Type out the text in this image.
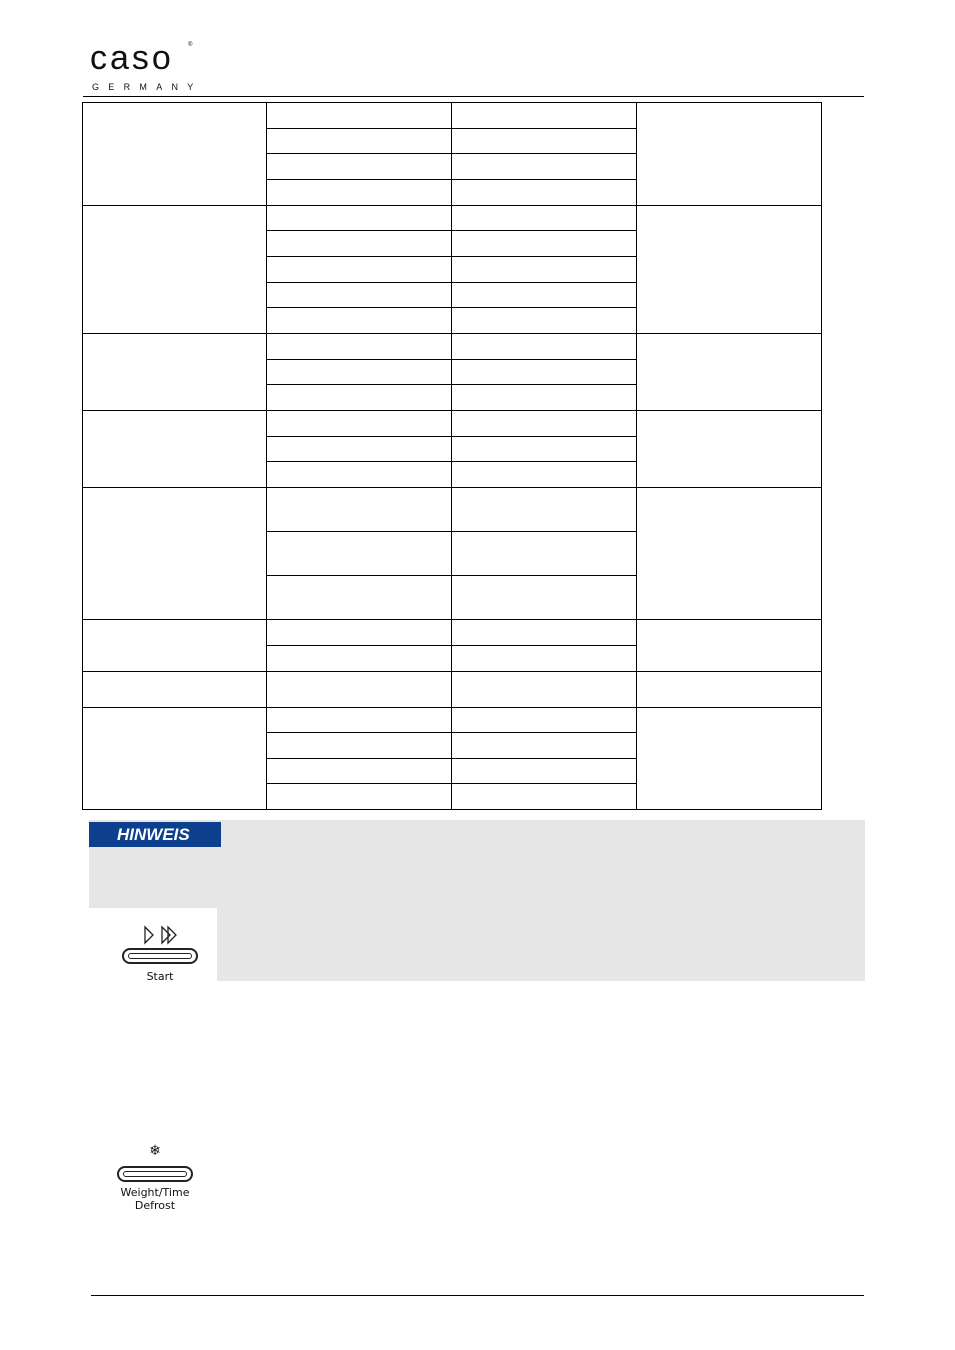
caso ®
GERMANY

HINWEIS
Start
❄
Weight/Time
Defrost
